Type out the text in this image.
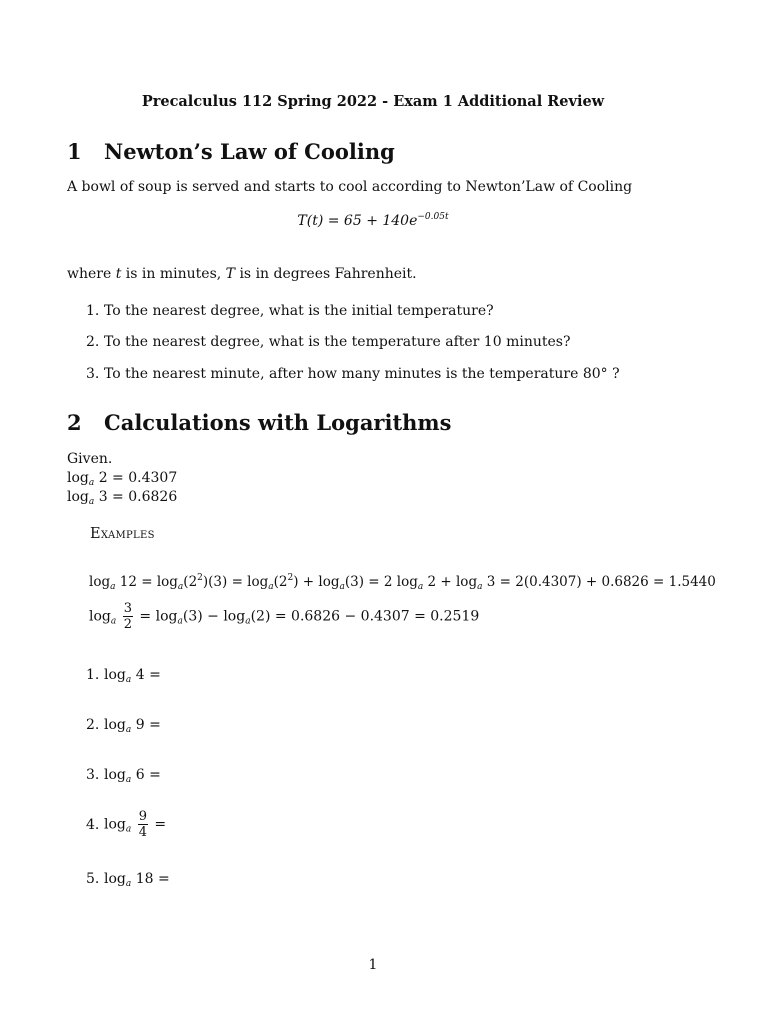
Precalculus 112 Spring 2022 - Exam 1 Additional Review
1 Newton’s Law of Cooling
A bowl of soup is served and starts to cool according to Newton’Law of Cooling
$T(t) = 65 + 140e^{-0.05t}$
where t is in minutes, T is in degrees Fahrenheit.
1. To the nearest degree, what is the initial temperature?
2. To the nearest degree, what is the temperature after 10 minutes?
3. To the nearest minute, after how many minutes is the temperature 80° ?
2 Calculations with Logarithms
Given.
$\log_a 2 = 0.4307$
$\log_a 3 = 0.6826$
Examples
$\log_a 12 = \log_a(2^2)(3) = \log_a(2^2) + \log_a(3) = 2$ $\log_a 2 + \log_a 3 = 2(0.4307) + 0.6826 = 1.5440$
$\log_a \frac{3}{2} = \log_a(3) - \log_a(2) = 0.6826 - 0.4307 = 0.2519$
1. $\log_a 4$ =
2. $\log_a 9$ =
3. $\log_a 6$ =
4. $\log_a \frac{9}{4}$ =
5. $\log_a 18$ =
1
